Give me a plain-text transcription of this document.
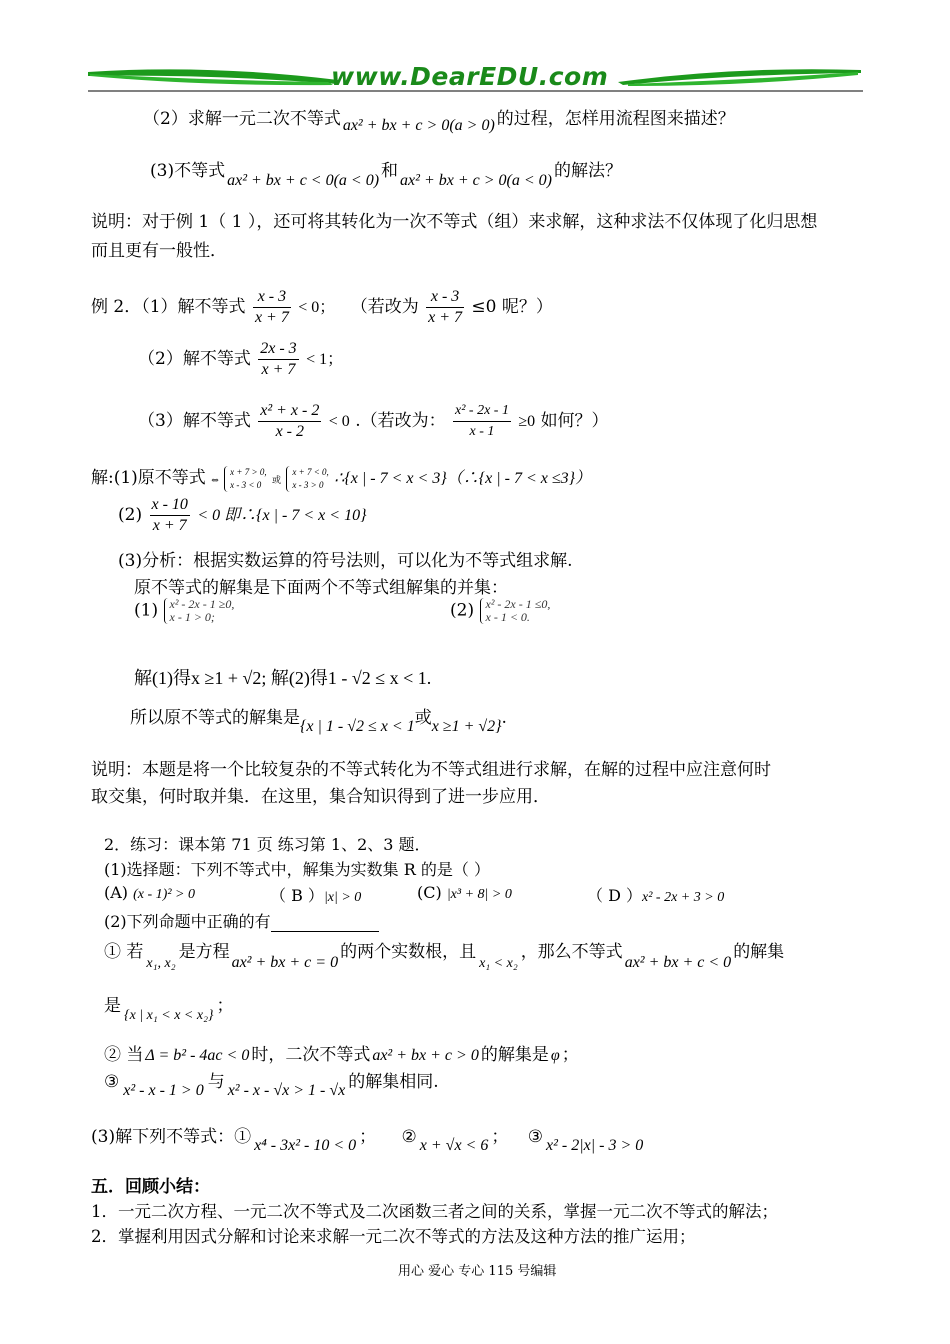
www.DearEDU.com
（2）求解一元二次不等式 ax² + bx + c > 0(a > 0) 的过程，怎样用流程图来描述？
(3)不等式 ax² + bx + c < 0(a < 0) 和 ax² + bx + c > 0(a < 0) 的解法？
说明：对于例 1（ 1 ），还可将其转化为一次不等式（组）来求解，这种求法不仅体现了化归思想
而且更有一般性．
例 2．（1）解不等式 $\frac{x - 3}{x + 7} < 0$； （若改为 $\frac{x - 3}{x + 7} \le 0$ 呢？）
（2）解不等式 $\frac{2x - 3}{x + 7} < 1$；
（3）解不等式 $\frac{\text{x² + x - 2}}{x - 2} < 0$ .（若改为： $\frac{\text{x² - 2x - 1}}{x - 1} \ge 0$ 如何？）
解:(1)原不等式 ⇔
x + 7 > 0,
x - 3 < 0	或
x + 7 < 0,
x - 3 > 0 ∴{x | - 7 < x < 3}（∴{x | - 7 < x ≤3}）
$(2) \frac{x - 10}{x + 7} < 0$ 即∴{x | - 7 < x < 10}
(3)分析：根据实数运算的符号法则，可以化为不等式组求解.
原不等式的解集是下面两个不等式组解集的并集：
(1) x² - 2x - 1 ≥0,
x - 1 > 0;	(2) x² - 2x - 1 ≤0,
x - 1 < 0.
解(1)得x ≥1 + √2; 解(2)得1 - √2 ≤ x < 1.
所以原不等式的解集是{x | 1 - √2 ≤ x < 1或x ≥1 + √2}.
说明：本题是将一个比较复杂的不等式转化为不等式组进行求解，在解的过程中应注意何时
取交集，何时取并集．在这里，集合知识得到了进一步应用．
2．练习：课本第 71 页 练习第 1、2、3 题．
(1)选择题：下列不等式中，解集为实数集 R 的是（ ）
(A) (x - 1)² > 0	（ B ）|x| > 0	(C) |x³ + 8| > 0	（ D ）x² - 2x + 3 > 0
(2)下列命题中正确的有
① 若$_{x_1, x_2}$是方程ax² + bx + c = 0的两个实数根，且$_{x_1 < x_2}$，那么不等式ax² + bx + c < 0的解集
是 $_{\{x | x_1 < x < x_2\}}$ ；
② 当 Δ = b² - 4ac < 0 时，二次不等式 ax² + bx + c > 0 的解集是 φ ；
③ x² - x - 1 > 0 与 x² - x - √x > 1 - √x 的解集相同.
(3)解下列不等式：① x⁴ - 3x² - 10 < 0 ； ② x + √x < 6 ； ③ x² - 2|x| - 3 > 0
五．回顾小结：
1．一元二次方程、一元二次不等式及二次函数三者之间的关系，掌握一元二次不等式的解法；
2．掌握利用因式分解和讨论来求解一元二次不等式的方法及这种方法的推广运用；
用心 爱心 专心 115 号编辑
